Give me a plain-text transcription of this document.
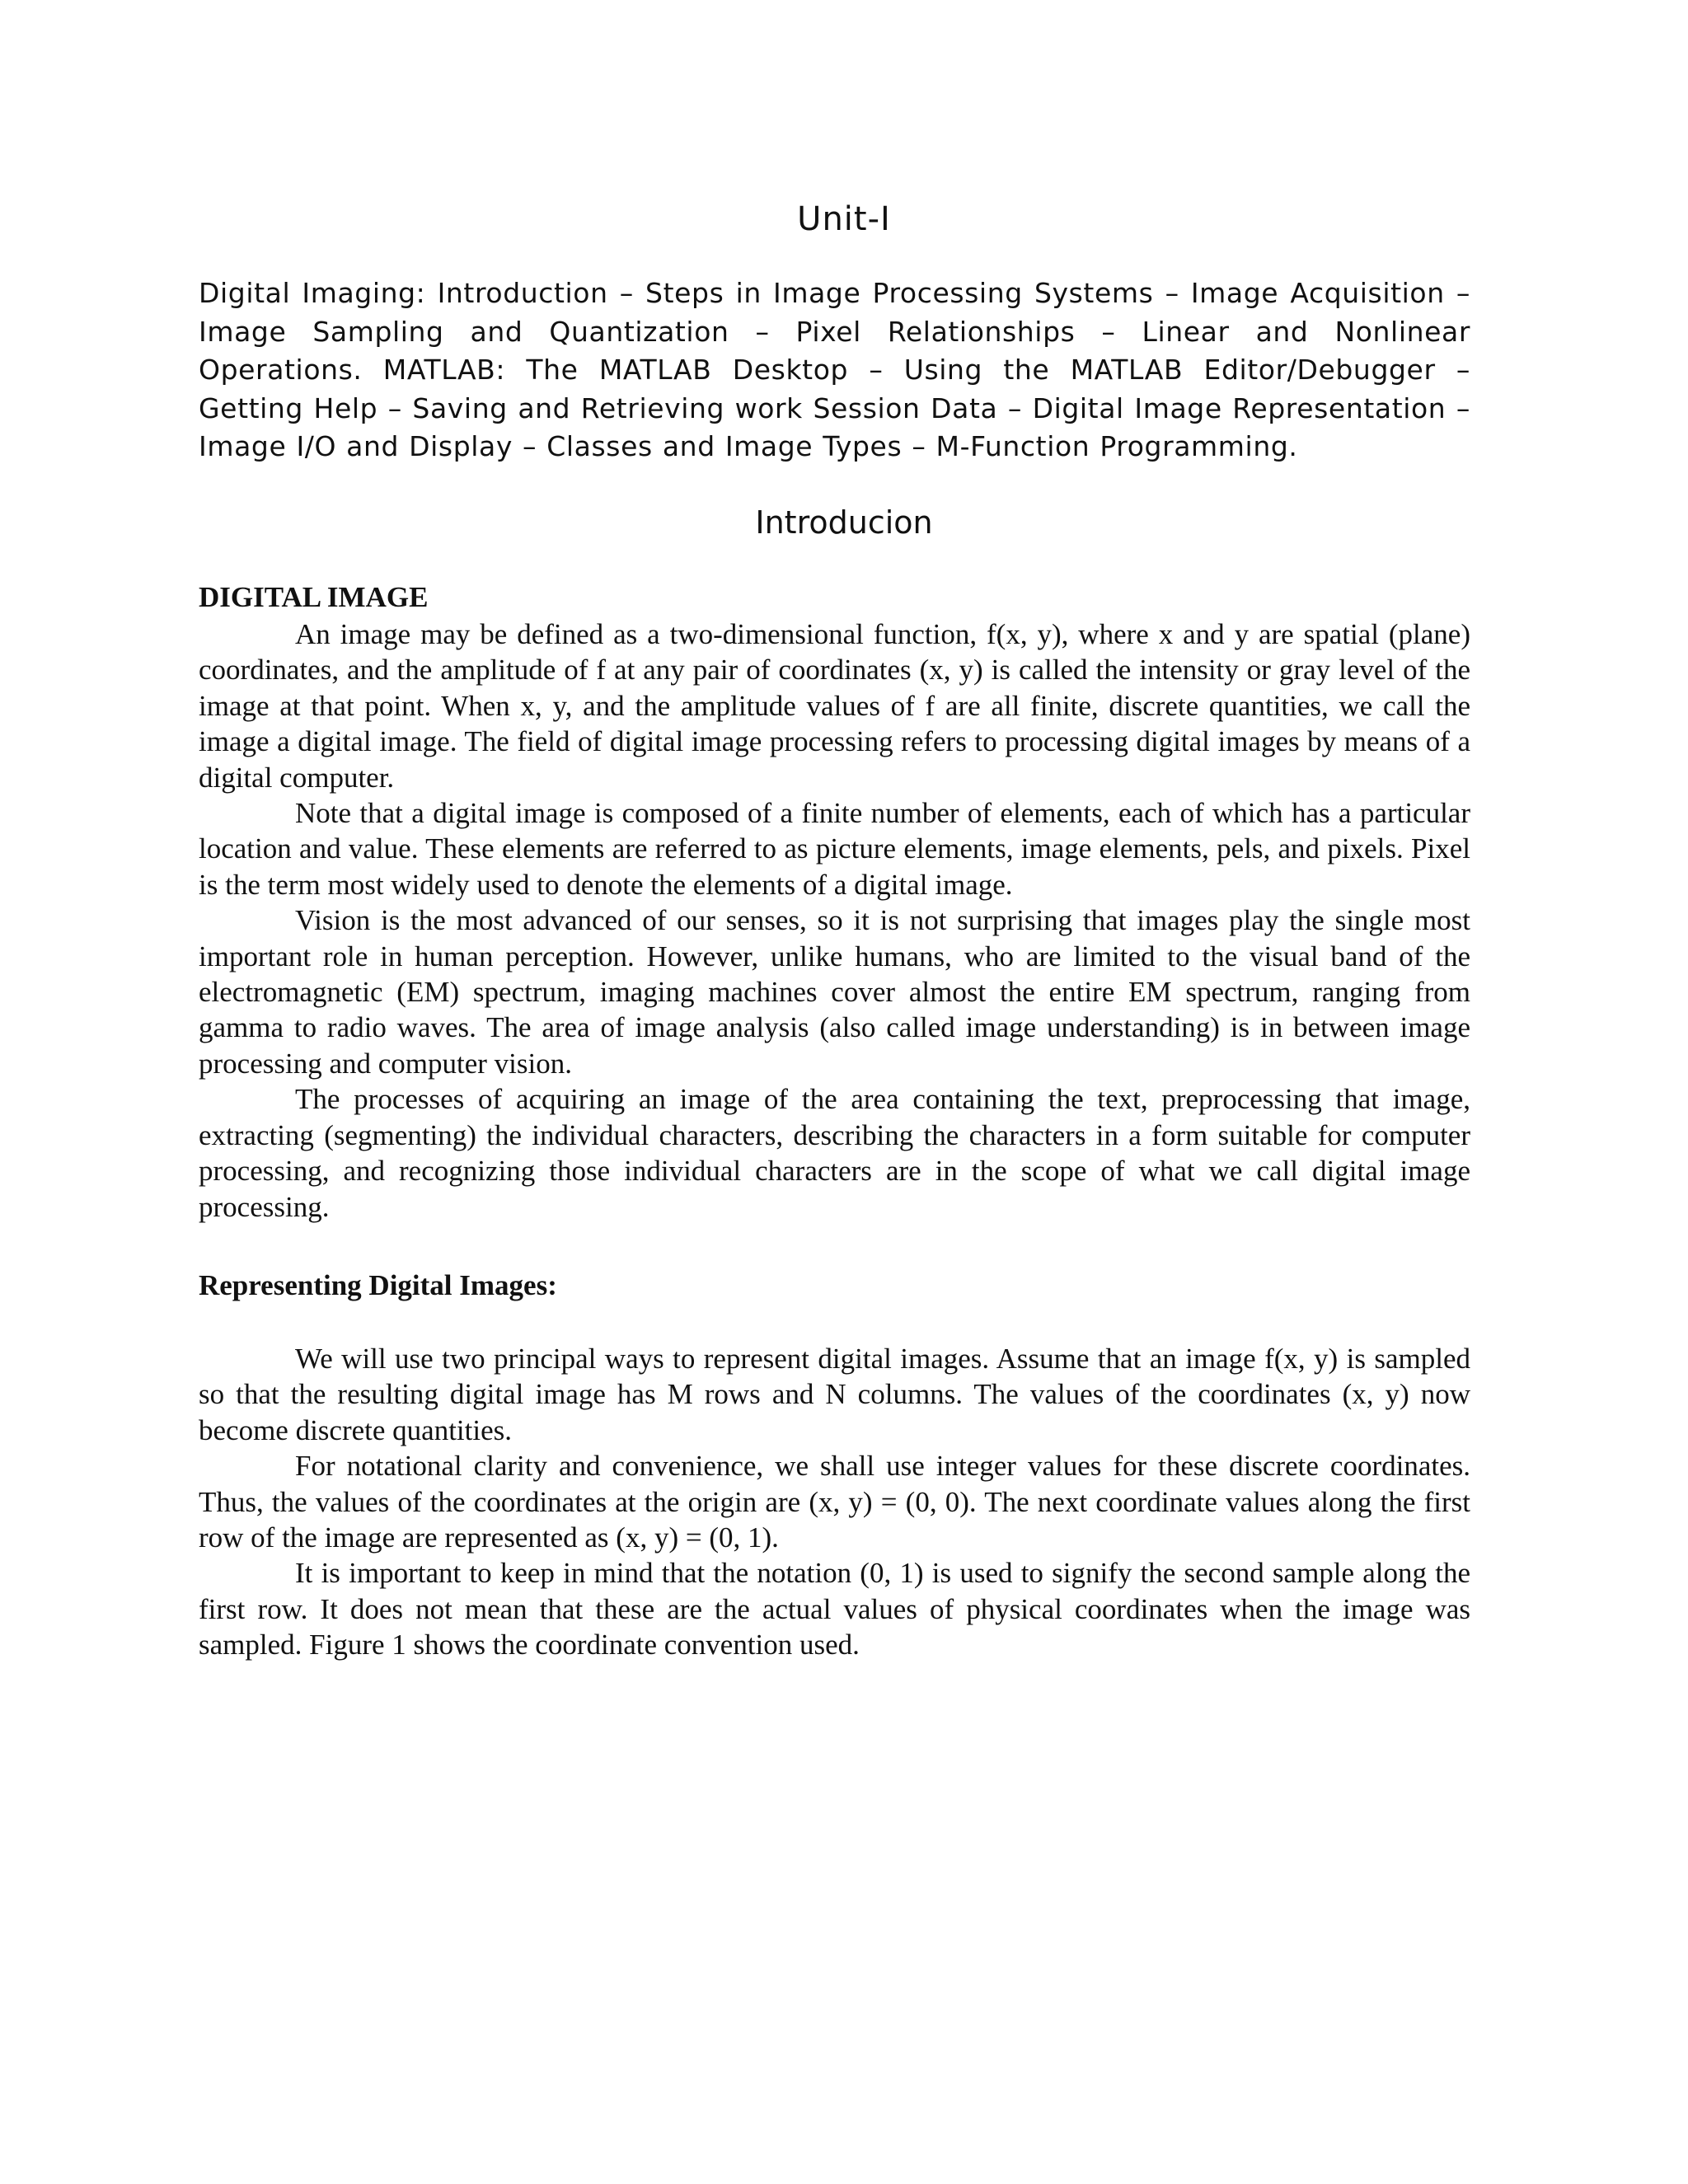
Unit-I

Digital Imaging: Introduction – Steps in Image Processing Systems – Image Acquisition – Image Sampling and Quantization – Pixel Relationships – Linear and Nonlinear Operations. MATLAB: The MATLAB Desktop – Using the MATLAB Editor/Debugger – Getting Help – Saving and Retrieving work Session Data – Digital Image Representation – Image I/O and Display – Classes and Image Types – M-Function Programming.

Introducion
DIGITAL IMAGE

An image may be defined as a two-dimensional function, f(x, y), where x and y are spatial (plane) coordinates, and the amplitude of f at any pair of coordinates (x, y) is called the intensity or gray level of the image at that point. When x, y, and the amplitude values of f are all finite, discrete quantities, we call the image a digital image. The field of digital image processing refers to processing digital images by means of a digital computer.

Note that a digital image is composed of a finite number of elements, each of which has a particular location and value. These elements are referred to as picture elements, image elements, pels, and pixels. Pixel is the term most widely used to denote the elements of a digital image.

Vision is the most advanced of our senses, so it is not surprising that images play the single most important role in human perception. However, unlike humans, who are limited to the visual band of the electromagnetic (EM) spectrum, imaging machines cover almost the entire EM spectrum, ranging from gamma to radio waves. The area of image analysis (also called image understanding) is in between image processing and computer vision.

The processes of acquiring an image of the area containing the text, preprocessing that image, extracting (segmenting) the individual characters, describing the characters in a form suitable for computer processing, and recognizing those individual characters are in the scope of what we call digital image processing.

Representing Digital Images:

We will use two principal ways to represent digital images. Assume that an image f(x, y) is sampled so that the resulting digital image has M rows and N columns. The values of the coordinates (x, y) now become discrete quantities.

For notational clarity and convenience, we shall use integer values for these discrete coordinates. Thus, the values of the coordinates at the origin are (x, y) = (0, 0). The next coordinate values along the first row of the image are represented as (x, y) = (0, 1).

It is important to keep in mind that the notation (0, 1) is used to signify the second sample along the first row. It does not mean that these are the actual values of physical coordinates when the image was sampled. Figure 1 shows the coordinate convention used.
